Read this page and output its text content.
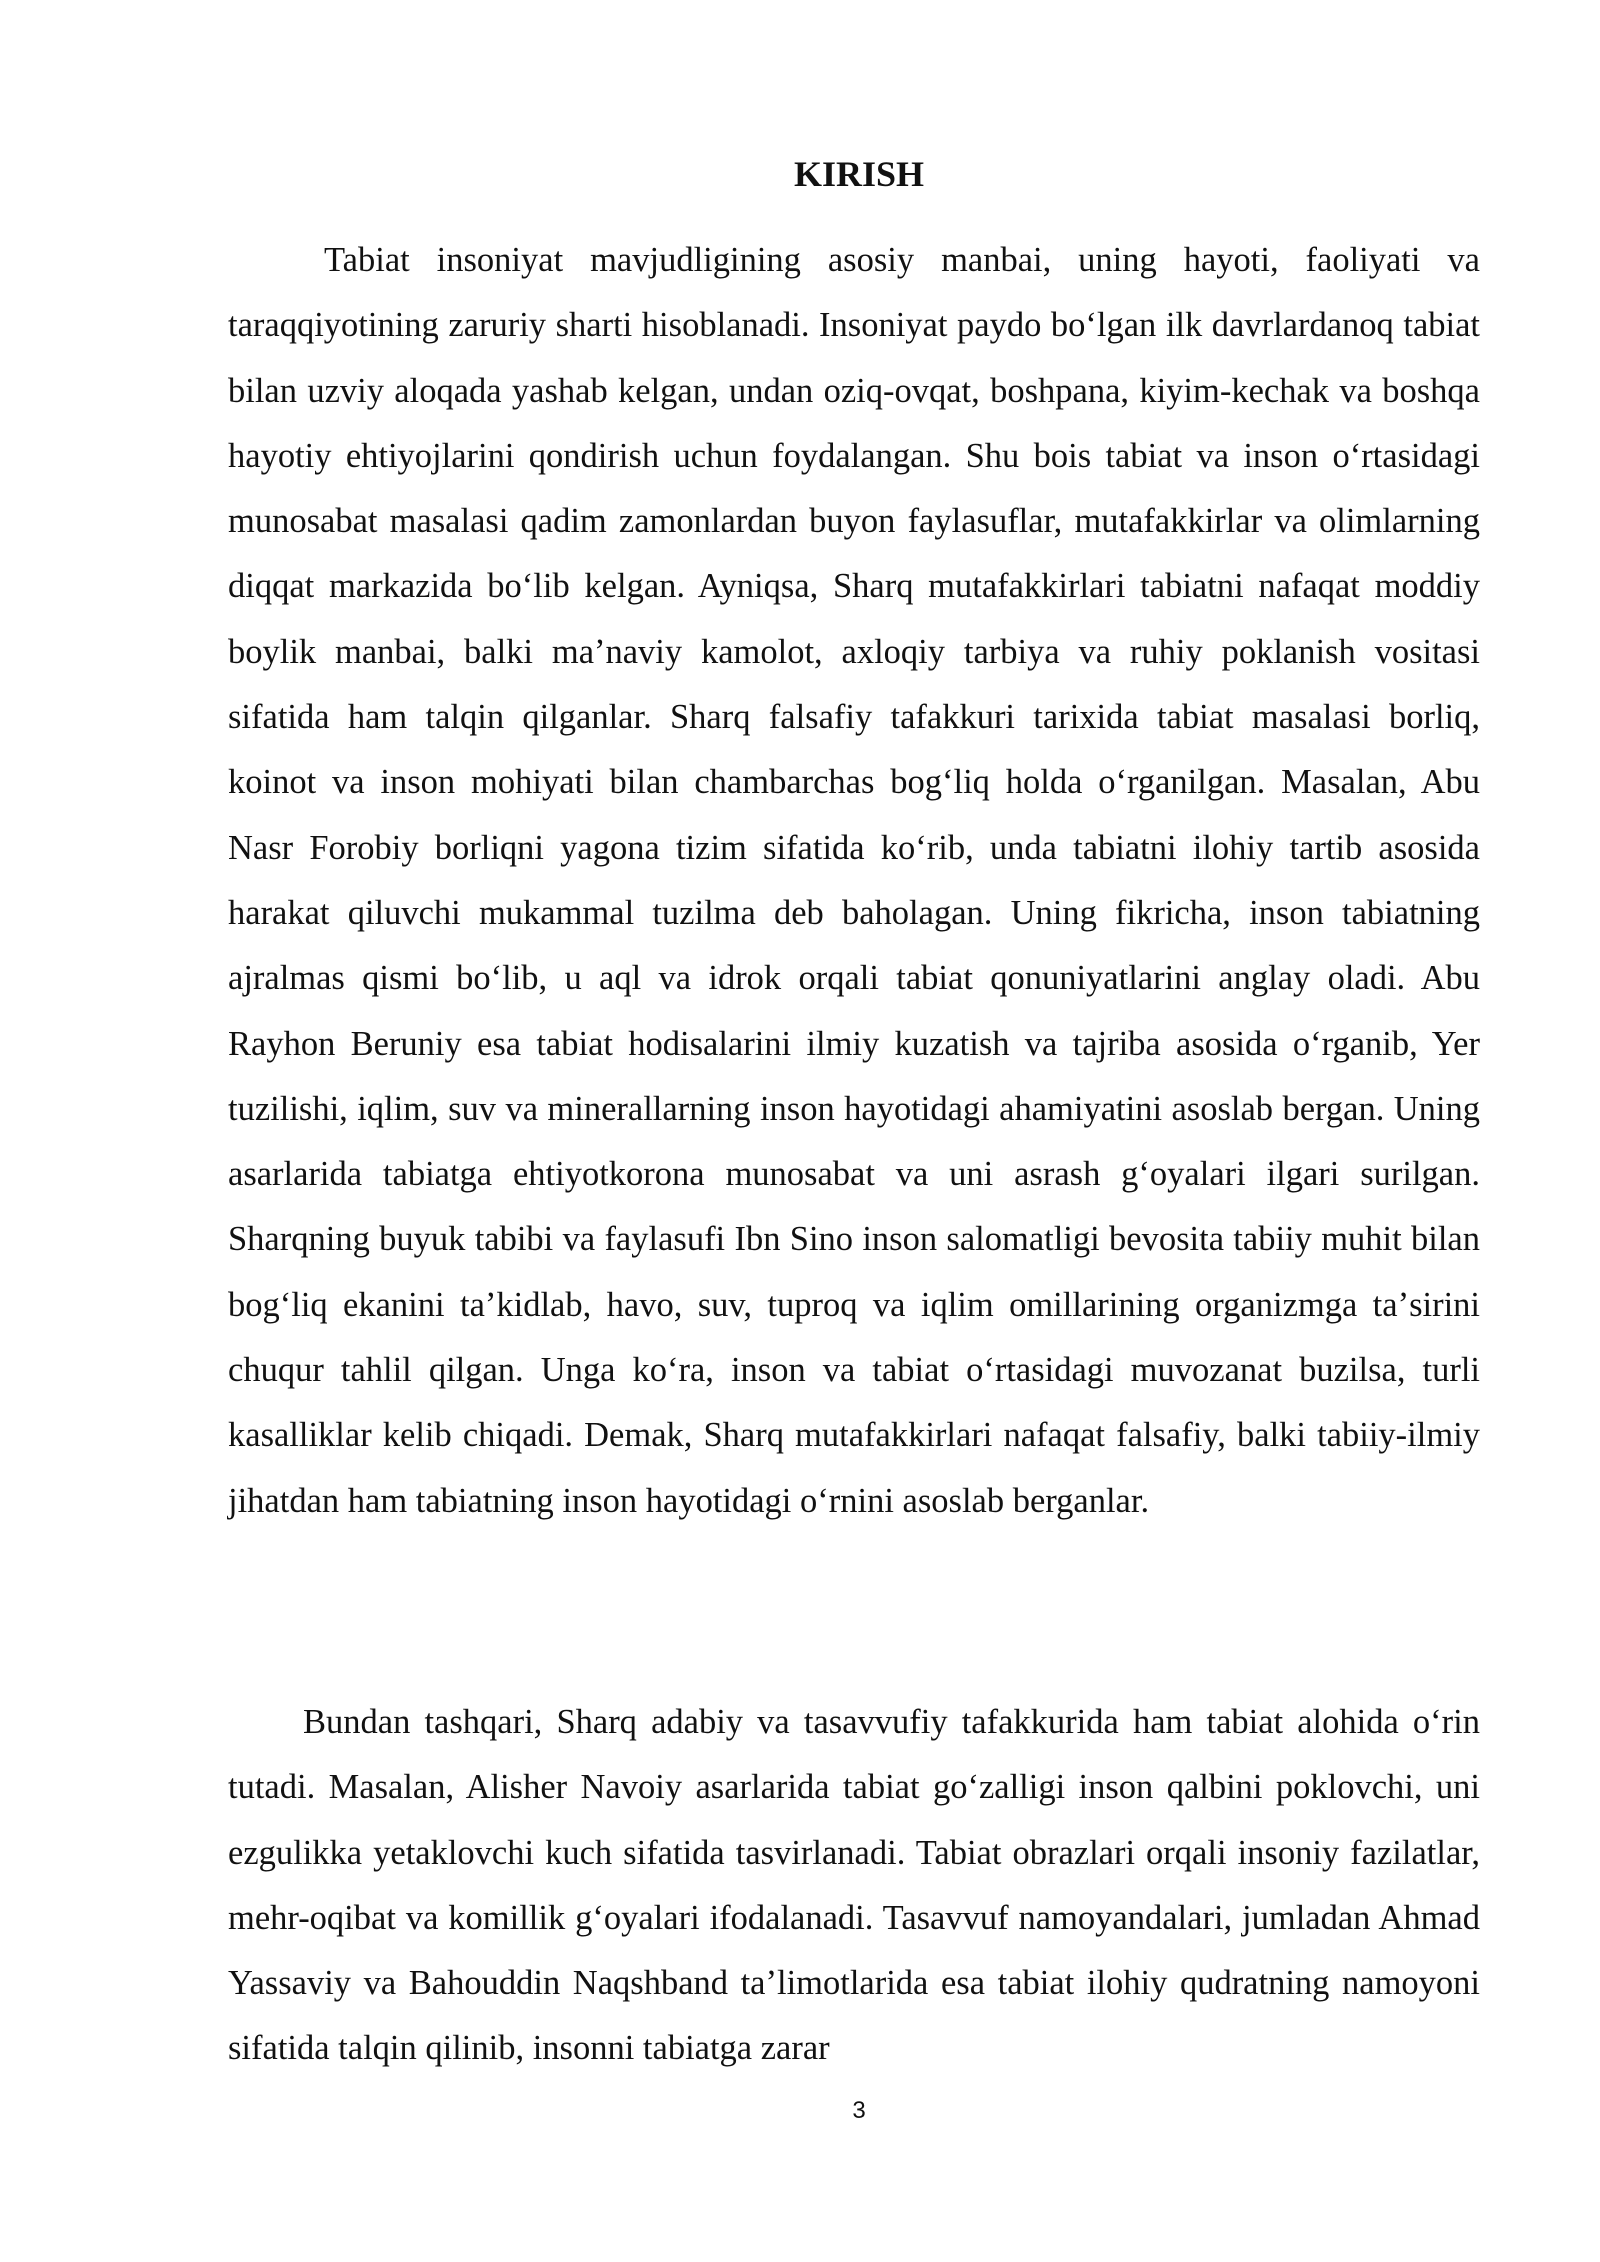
KIRISH

Tabiat insoniyat mavjudligining asosiy manbai, uning hayoti, faoliyati va taraqqiyotining zaruriy sharti hisoblanadi. Insoniyat paydo boʻlgan ilk davrlardanoq tabiat bilan uzviy aloqada yashab kelgan, undan oziq-ovqat, boshpana, kiyim-kechak va boshqa hayotiy ehtiyojlarini qondirish uchun foydalangan. Shu bois tabiat va inson oʻrtasidagi munosabat masalasi qadim zamonlardan buyon faylasuflar, mutafakkirlar va olimlarning diqqat markazida boʻlib kelgan. Ayniqsa, Sharq mutafakkirlari tabiatni nafaqat moddiy boylik manbai, balki maʼnaviy kamolot, axloqiy tarbiya va ruhiy poklanish vositasi sifatida ham talqin qilganlar. Sharq falsafiy tafakkuri tarixida tabiat masalasi borliq, koinot va inson mohiyati bilan chambarchas bogʻliq holda oʻrganilgan. Masalan, Abu Nasr Forobiy borliqni yagona tizim sifatida koʻrib, unda tabiatni ilohiy tartib asosida harakat qiluvchi mukammal tuzilma deb baholagan. Uning fikricha, inson tabiatning ajralmas qismi boʻlib, u aql va idrok orqali tabiat qonuniyatlarini anglay oladi. Abu Rayhon Beruniy esa tabiat hodisalarini ilmiy kuzatish va tajriba asosida oʻrganib, Yer tuzilishi, iqlim, suv va minerallarning inson hayotidagi ahamiyatini asoslab bergan. Uning asarlarida tabiatga ehtiyotkorona munosabat va uni asrash gʻoyalari ilgari surilgan. Sharqning buyuk tabibi va faylasufi Ibn Sino inson salomatligi bevosita tabiiy muhit bilan bogʻliq ekanini taʼkidlab, havo, suv, tuproq va iqlim omillarining organizmga taʼsirini chuqur tahlil qilgan. Unga koʻra, inson va tabiat oʻrtasidagi muvozanat buzilsa, turli kasalliklar kelib chiqadi. Demak, Sharq mutafakkirlari nafaqat falsafiy, balki tabiiy-ilmiy jihatdan ham tabiatning inson hayotidagi oʻrnini asoslab berganlar.

Bundan tashqari, Sharq adabiy va tasavvufiy tafakkurida ham tabiat alohida oʻrin tutadi. Masalan, Alisher Navoiy asarlarida tabiat goʻzalligi inson qalbini poklovchi, uni ezgulikka yetaklovchi kuch sifatida tasvirlanadi. Tabiat obrazlari orqali insoniy fazilatlar, mehr-oqibat va komillik gʻoyalari ifodalanadi. Tasavvuf namoyandalari, jumladan Ahmad Yassaviy va Bahouddin Naqshband taʼlimotlarida esa tabiat ilohiy qudratning namoyoni sifatida talqin qilinib, insonni tabiatga zarar

3
